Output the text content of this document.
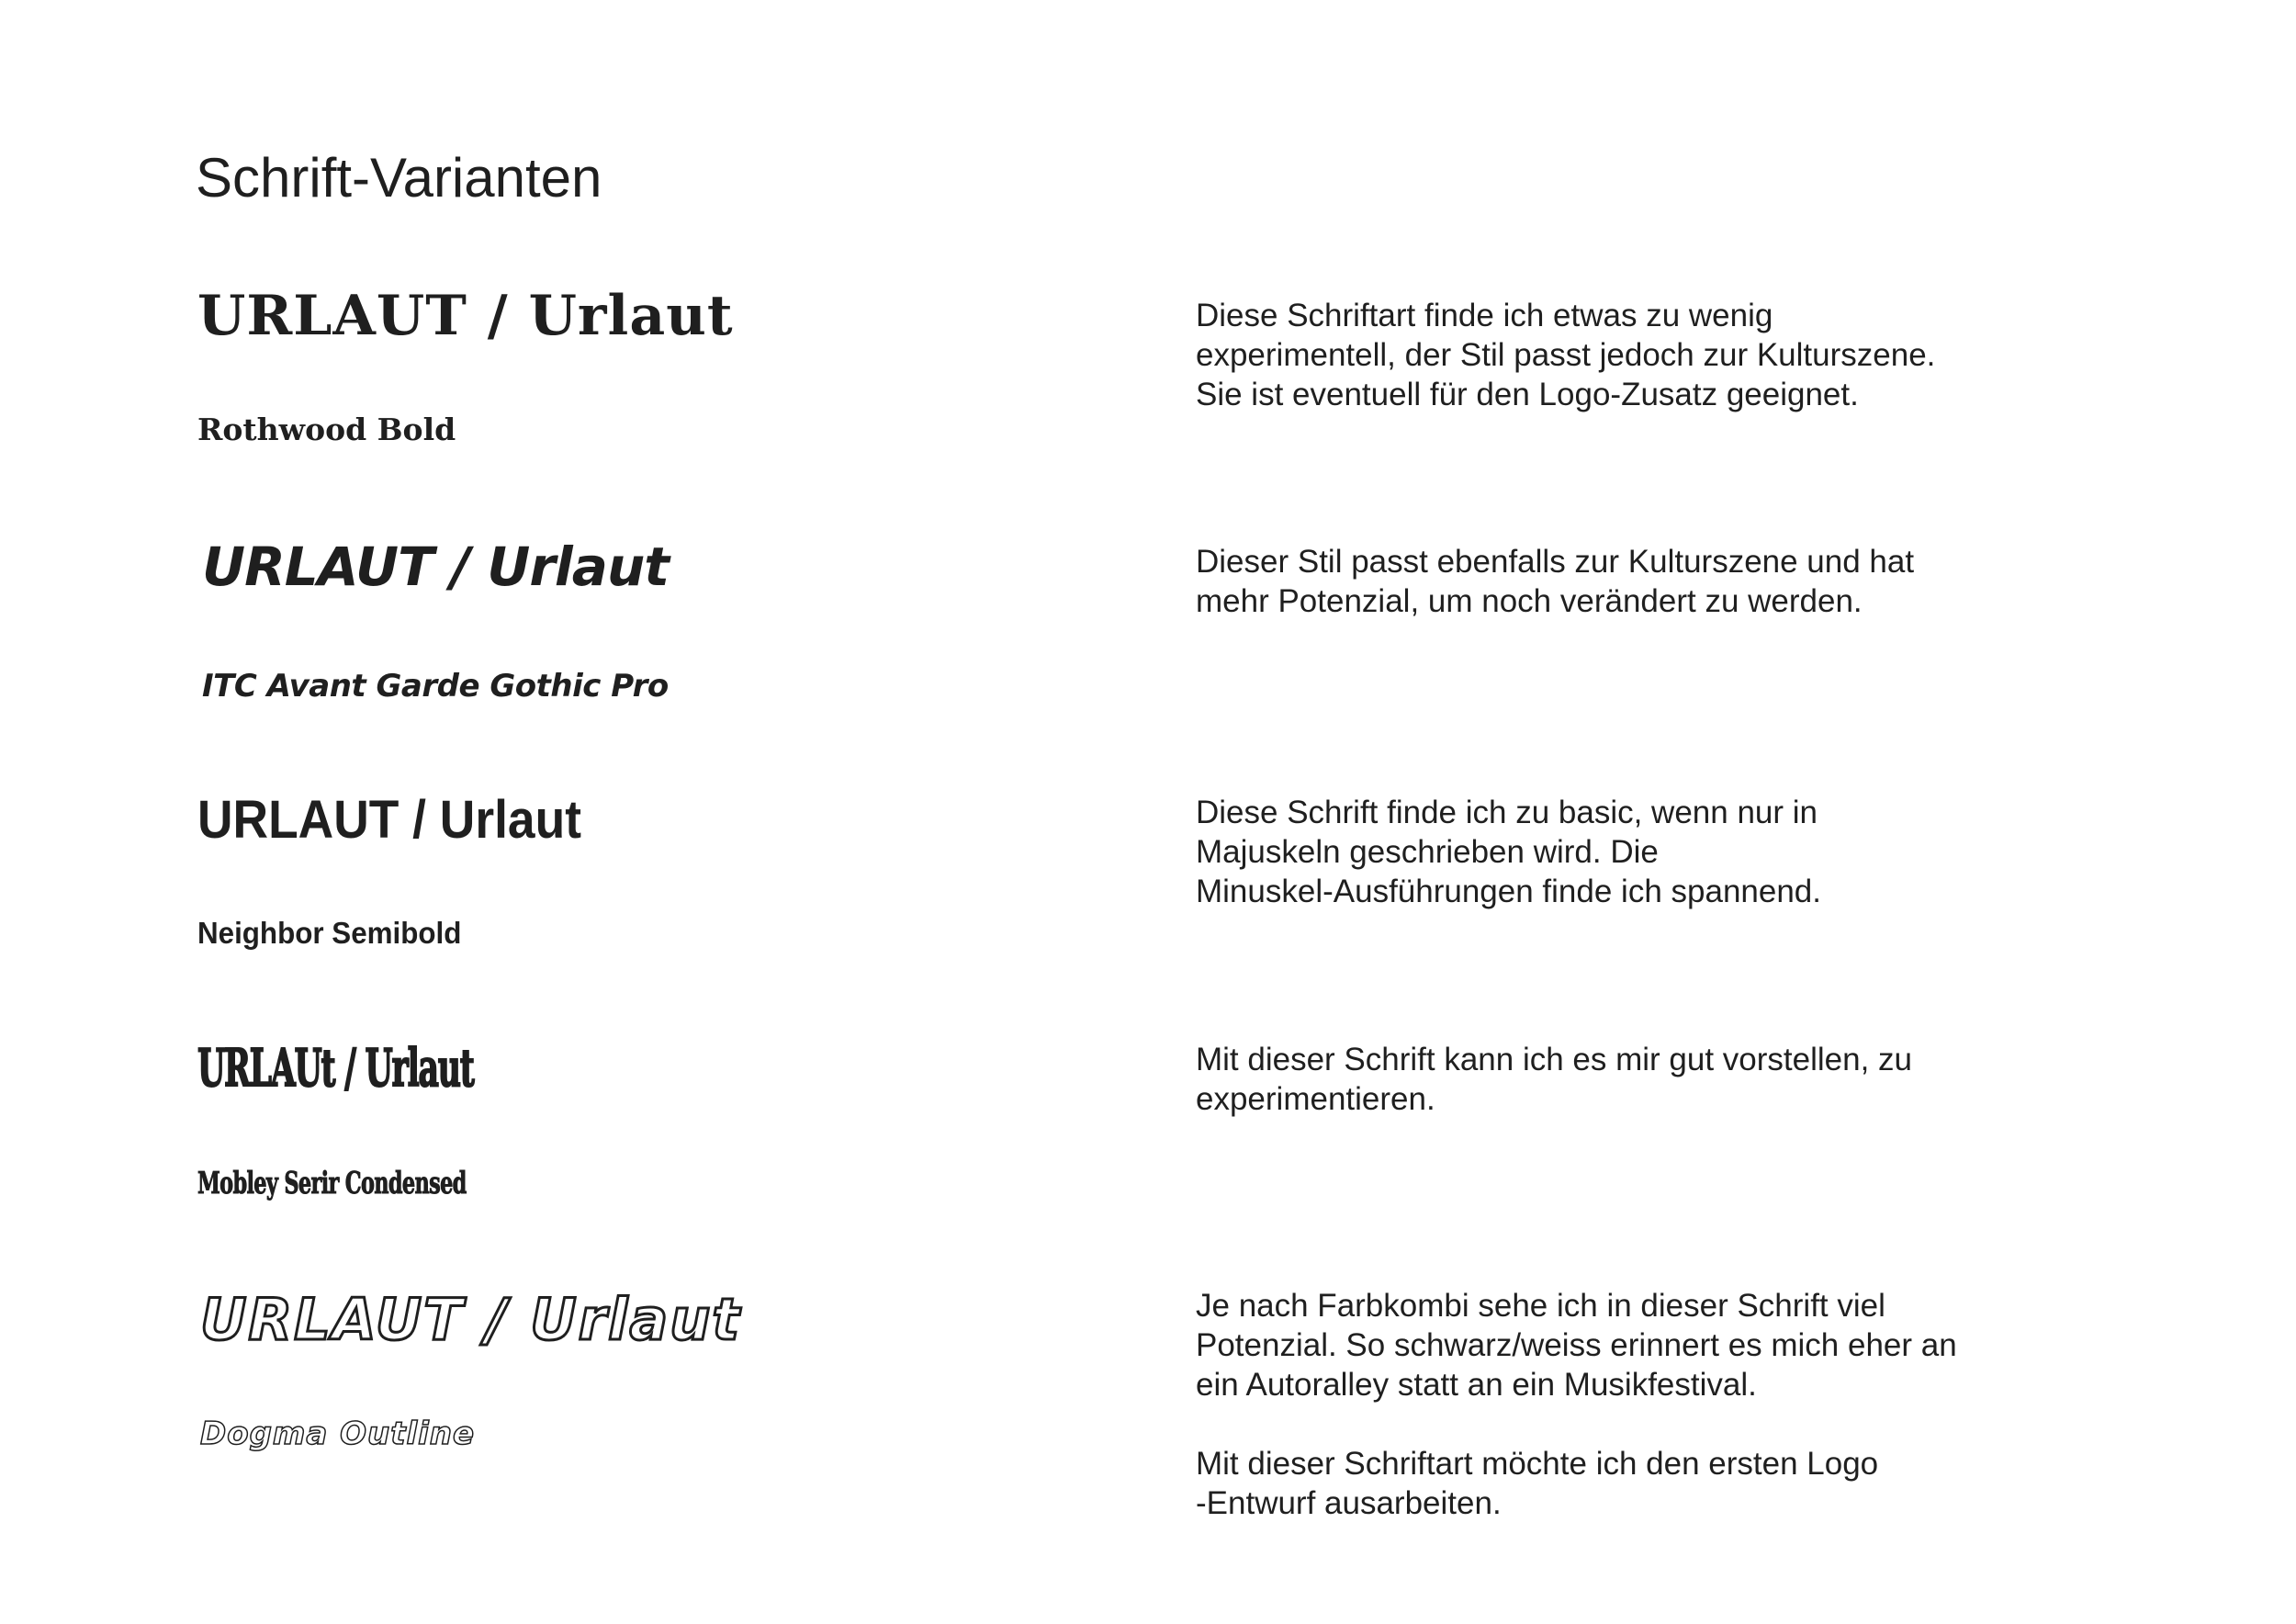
Schrift-Varianten
URLAUT / Urlaut
Rothwood Bold

Diese Schriftart finde ich etwas zu wenig
experimentell, der Stil passt jedoch zur Kulturszene.
Sie ist eventuell für den Logo-Zusatz geeignet.

URLAUT / Urlaut
ITC Avant Garde Gothic Pro

Dieser Stil passt ebenfalls zur Kulturszene und hat
mehr Potenzial, um noch verändert zu werden.

URLAUT / Urlaut
Neighbor Semibold

Diese Schrift finde ich zu basic, wenn nur in
Majuskeln geschrieben wird. Die
Minuskel-Ausführungen finde ich spannend.

URLAUt / Urlaut
Mobley Serir Condensed

Mit dieser Schrift kann ich es mir gut vorstellen, zu
experimentieren.

URLAUT / Urlaut
Dogma Outline

Je nach Farbkombi sehe ich in dieser Schrift viel
Potenzial. So schwarz/weiss erinnert es mich eher an
ein Autoralley statt an ein Musikfestival.

Mit dieser Schriftart möchte ich den ersten Logo
-Entwurf ausarbeiten.
